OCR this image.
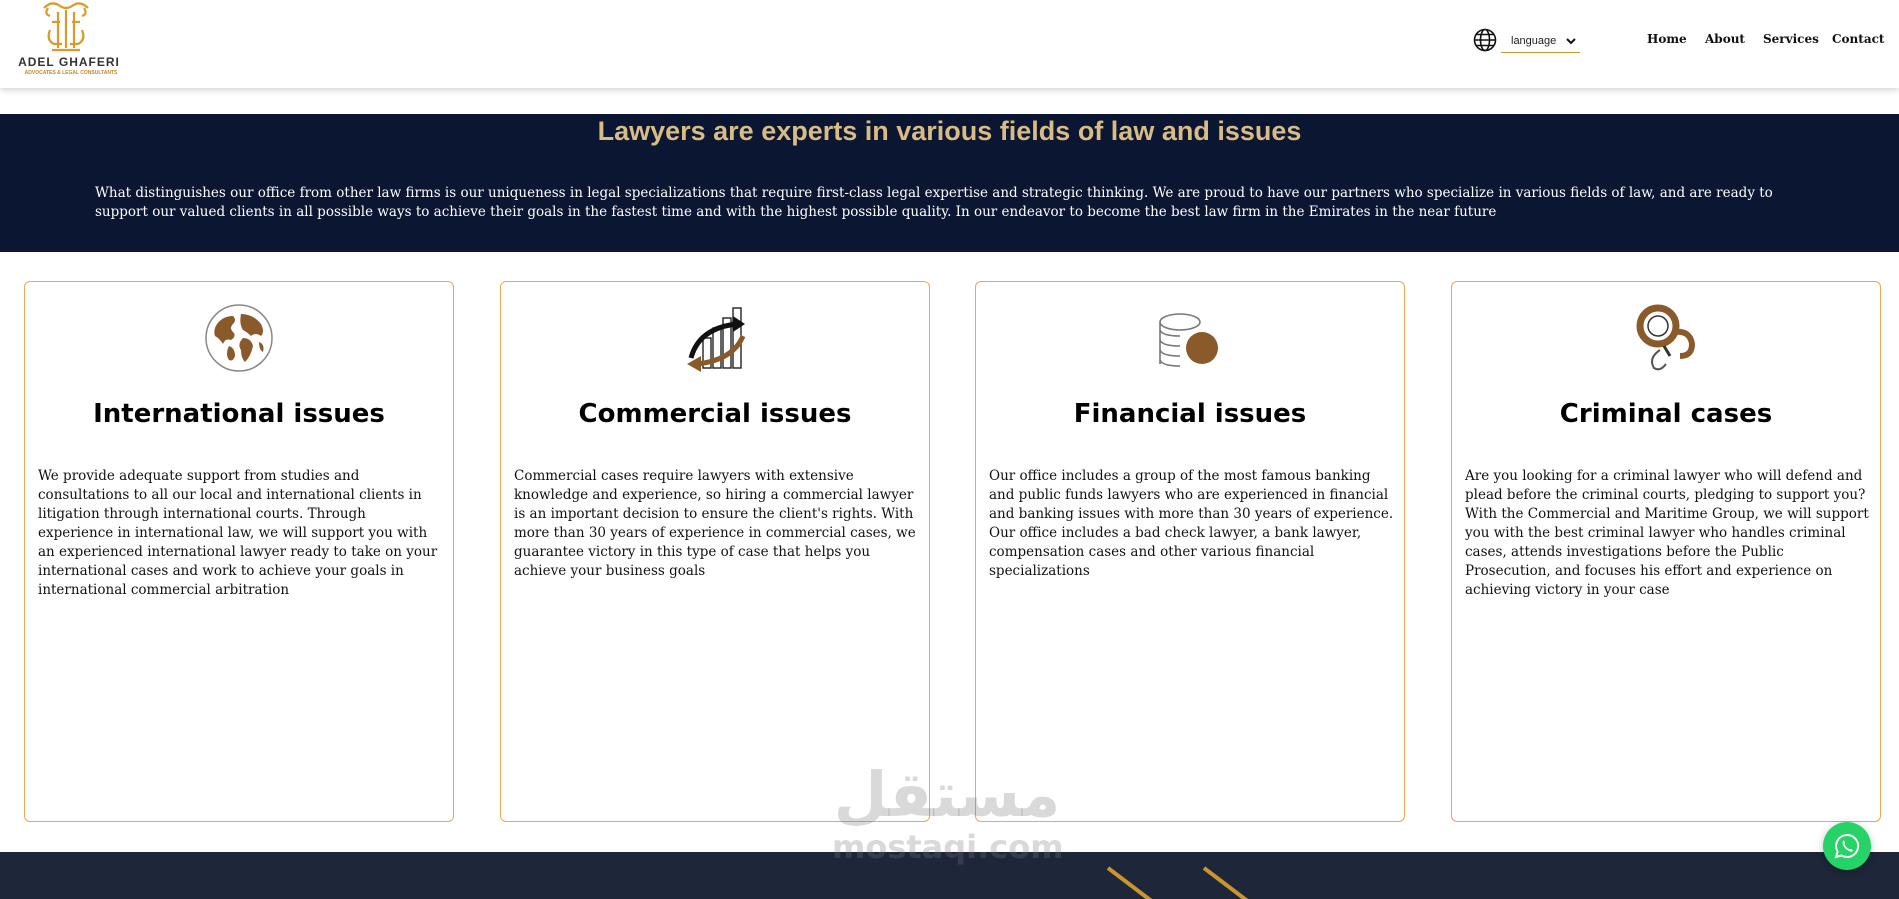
ADEL GHAFERI
ADVOCATES & LEGAL CONSULTANTS
language	Home About Services Contact
Lawyers are experts in various fields of law and issues
What distinguishes our office from other law firms is our uniqueness in legal specializations that require first-class legal expertise and strategic thinking. We are proud to have our partners who specialize in various fields of law, and are ready to support our valued clients in all possible ways to achieve their goals in the fastest time and with the highest possible quality. In our endeavor to become the best law firm in the Emirates in the near future
International issues

We provide adequate support from studies and consultations to all our local and international clients in litigation through international courts. Through experience in international law, we will support you with an experienced international lawyer ready to take on your international cases and work to achieve your goals in international commercial arbitration

Commercial issues

Commercial cases require lawyers with extensive knowledge and experience, so hiring a commercial lawyer is an important decision to ensure the client's rights. With more than 30 years of experience in commercial cases, we guarantee victory in this type of case that helps you achieve your business goals

Financial issues

Our office includes a group of the most famous banking and public funds lawyers who are experienced in financial and banking issues with more than 30 years of experience. Our office includes a bad check lawyer, a bank lawyer, compensation cases and other various financial specializations

Criminal cases

Are you looking for a criminal lawyer who will defend and plead before the criminal courts, pledging to support you? With the Commercial and Maritime Group, we will support you with the best criminal lawyer who handles criminal cases, attends investigations before the Public Prosecution, and focuses his effort and experience on achieving victory in your case

مستقل
mostaqi.com
